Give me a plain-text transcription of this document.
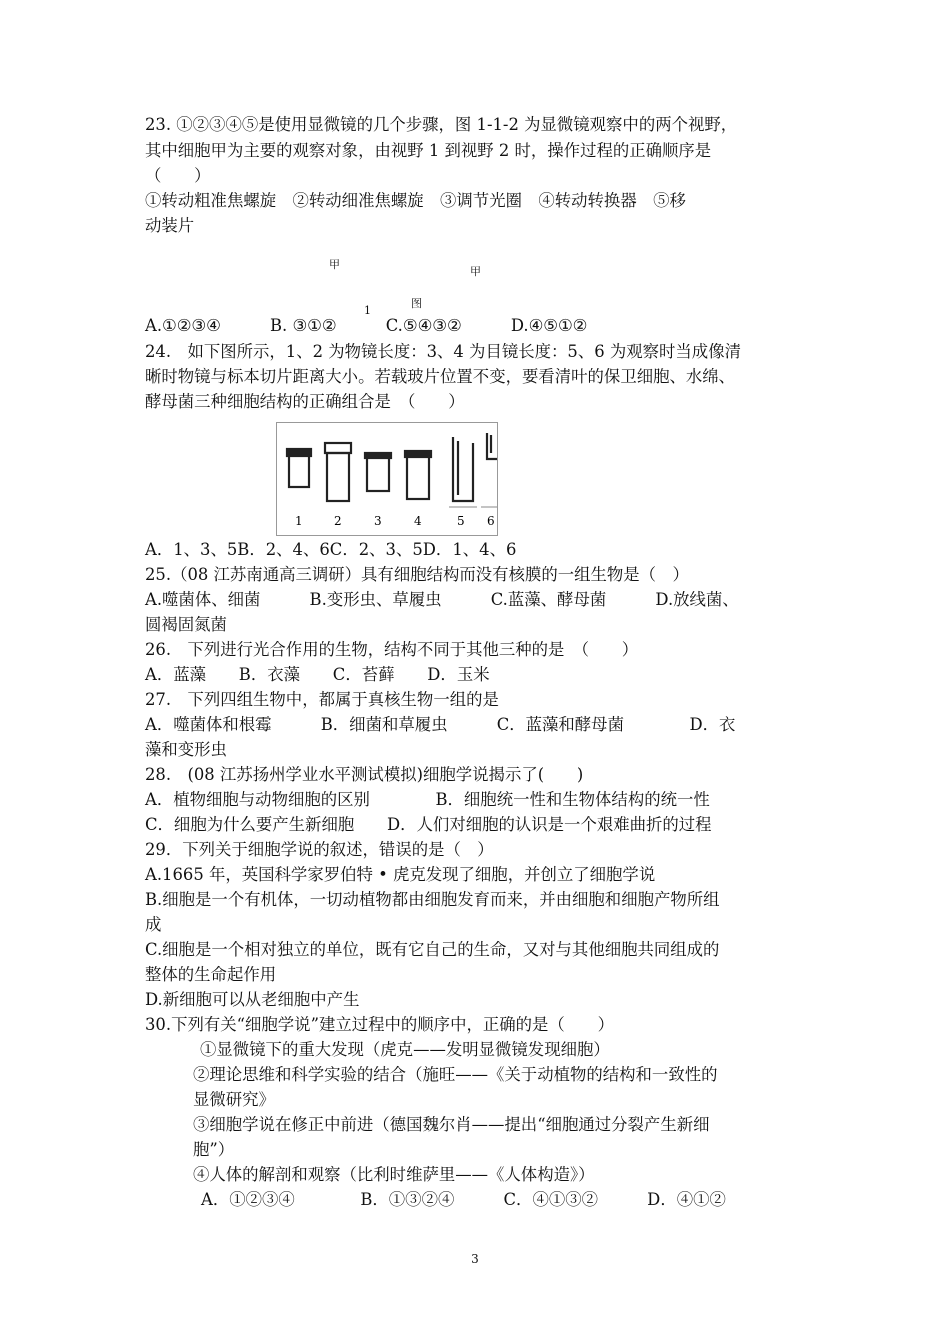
23. ①②③④⑤是使用显微镜的几个步骤，图 1-1-2 为显微镜观察中的两个视野，
其中细胞甲为主要的观察对象，由视野 1 到视野 2 时，操作过程的正确顺序是
（　　）
①转动粗准焦螺旋　②转动细准焦螺旋　③调节光圈　④转动转换器　⑤移
动装片
甲
甲
图
1
A.①②③④　　　B. ③①②　　　C.⑤④③②　　　D.④⑤①②
24.　如下图所示，1、2 为物镜长度：3、4 为目镜长度：5、6 为观察时当成像清
晰时物镜与标本切片距离大小。若载玻片位置不变，要看清叶的保卫细胞、水绵、
酵母菌三种细胞结构的正确组合是　（　　）
1	2	3	4	5 6
A．1、3、5B．2、4、6C．2、3、5D．1、4、6
25.（08 江苏南通高三调研）具有细胞结构而没有核膜的一组生物是（　）
A.噬菌体、细菌　　　B.变形虫、草履虫　　　C.蓝藻、酵母菌　　　D.放线菌、
圆褐固氮菌
26.　下列进行光合作用的生物，结构不同于其他三种的是　（　　）
A．蓝藻　　B．衣藻　　C．苔藓　　D．玉米
27.　下列四组生物中，都属于真核生物一组的是
A．噬菌体和根霉　　　B．细菌和草履虫　　　C．蓝藻和酵母菌　　　　D．衣
藻和变形虫
28.　(08 江苏扬州学业水平测试模拟)细胞学说揭示了(　　)
A．植物细胞与动物细胞的区别　　　　B．细胞统一性和生物体结构的统一性
C．细胞为什么要产生新细胞　　D．人们对细胞的认识是一个艰难曲折的过程
29．下列关于细胞学说的叙述，错误的是（　）
A.1665 年，英国科学家罗伯特 • 虎克发现了细胞，并创立了细胞学说
B.细胞是一个有机体，一切动植物都由细胞发育而来，并由细胞和细胞产物所组
成
C.细胞是一个相对独立的单位，既有它自己的生命，又对与其他细胞共同组成的
整体的生命起作用
D.新细胞可以从老细胞中产生
30.下列有关“细胞学说”建立过程中的顺序中，正确的是（　　）
①显微镜下的重大发现（虎克——发明显微镜发现细胞）
②理论思维和科学实验的结合（施旺——《关于动植物的结构和一致性的
显微研究》
③细胞学说在修正中前进（德国魏尔肖——提出“细胞通过分裂产生新细
胞”）
④人体的解剖和观察（比利时维萨里——《人体构造》）
A．①②③④　　　　B．①③②④　　　C．④①③②　　　D．④①②
3
